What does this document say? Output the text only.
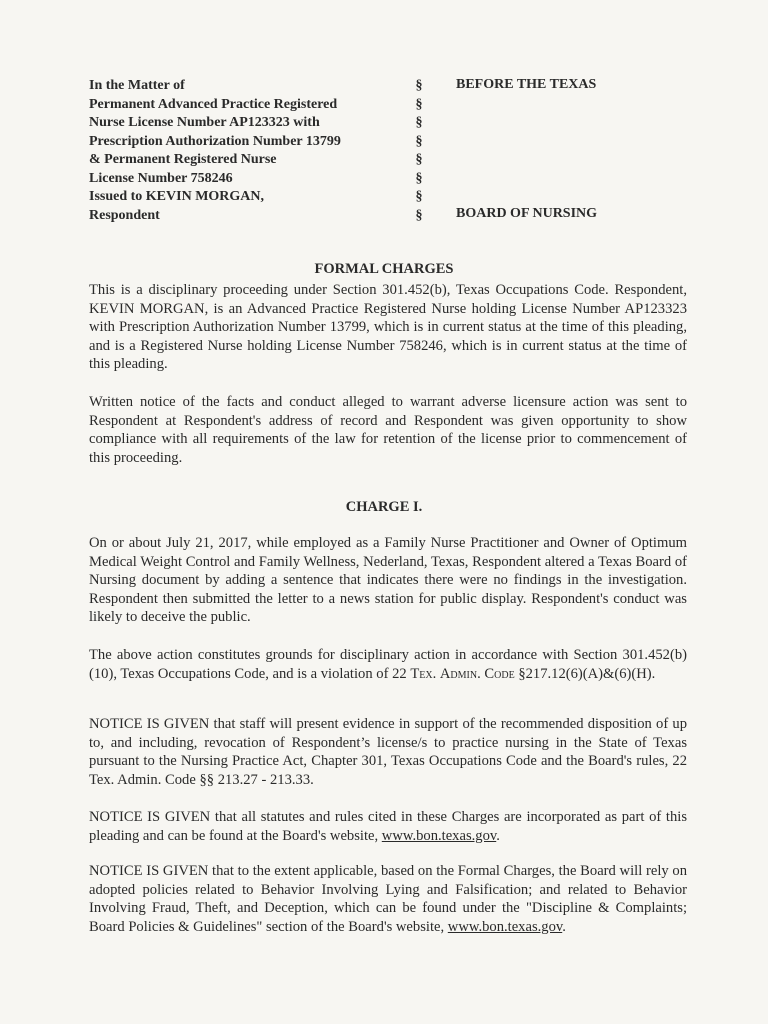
In the Matter of
Permanent Advanced Practice Registered
Nurse License Number AP123323 with
Prescription Authorization Number 13799
& Permanent Registered Nurse
License Number 758246
Issued to KEVIN MORGAN,
Respondent
§
§
§
§
§
§
§
§
BEFORE THE TEXAS
BOARD OF NURSING
FORMAL CHARGES

This is a disciplinary proceeding under Section 301.452(b), Texas Occupations Code. Respondent, KEVIN MORGAN, is an Advanced Practice Registered Nurse holding License Number AP123323 with Prescription Authorization Number 13799, which is in current status at the time of this pleading, and is a Registered Nurse holding License Number 758246, which is in current status at the time of this pleading.

Written notice of the facts and conduct alleged to warrant adverse licensure action was sent to Respondent at Respondent's address of record and Respondent was given opportunity to show compliance with all requirements of the law for retention of the license prior to commencement of this proceeding.

CHARGE I.

On or about July 21, 2017, while employed as a Family Nurse Practitioner and Owner of Optimum Medical Weight Control and Family Wellness, Nederland, Texas, Respondent altered a Texas Board of Nursing document by adding a sentence that indicates there were no findings in the investigation. Respondent then submitted the letter to a news station for public display. Respondent's conduct was likely to deceive the public.

The above action constitutes grounds for disciplinary action in accordance with Section 301.452(b)(10), Texas Occupations Code, and is a violation of 22 Tex. Admin. Code §217.12(6)(A)&(6)(H).

NOTICE IS GIVEN that staff will present evidence in support of the recommended disposition of up to, and including, revocation of Respondent’s license/s to practice nursing in the State of Texas pursuant to the Nursing Practice Act, Chapter 301, Texas Occupations Code and the Board's rules, 22 Tex. Admin. Code §§ 213.27 - 213.33.

NOTICE IS GIVEN that all statutes and rules cited in these Charges are incorporated as part of this pleading and can be found at the Board's website, www.bon.texas.gov.

NOTICE IS GIVEN that to the extent applicable, based on the Formal Charges, the Board will rely on adopted policies related to Behavior Involving Lying and Falsification; and related to Behavior Involving Fraud, Theft, and Deception, which can be found under the "Discipline & Complaints; Board Policies & Guidelines" section of the Board's website, www.bon.texas.gov.
